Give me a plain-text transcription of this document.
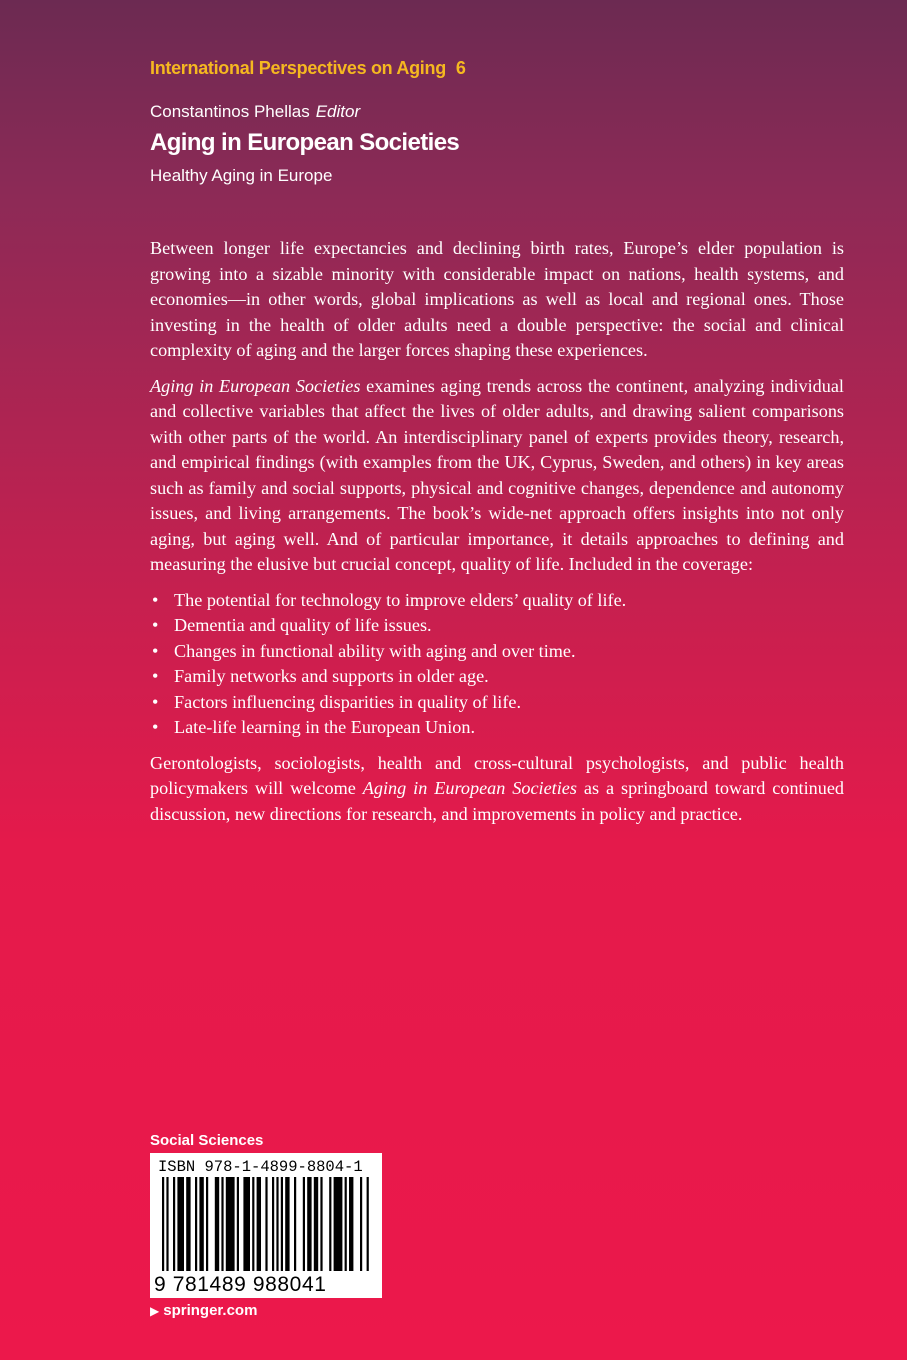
International Perspectives on Aging 6
Constantinos Phellas Editor
Aging in European Societies
Healthy Aging in Europe

Between longer life expectancies and declining birth rates, Europe’s elder population is growing into a sizable minority with considerable impact on nations, health systems, and economies—in other words, global implications as well as local and regional ones. Those investing in the health of older adults need a double perspective: the social and clinical complexity of aging and the larger forces shaping these experiences.

Aging in European Societies examines aging trends across the continent, analyzing individual and collective variables that affect the lives of older adults, and drawing salient comparisons with other parts of the world. An interdisciplinary panel of experts provides theory, research, and empirical findings (with examples from the UK, Cyprus, Sweden, and others) in key areas such as family and social supports, physical and cognitive changes, dependence and autonomy issues, and living arrangements. The book’s wide-net approach offers insights into not only aging, but aging well. And of particular importance, it details approaches to defining and measuring the elusive but crucial concept, quality of life. Included in the coverage:

• The potential for technology to improve elders’ quality of life.
• Dementia and quality of life issues.
• Changes in functional ability with aging and over time.
• Family networks and supports in older age.
• Factors influencing disparities in quality of life.
• Late-life learning in the European Union.

Gerontologists, sociologists, health and cross-cultural psychologists, and public health policymakers will welcome Aging in European Societies as a springboard toward continued discussion, new directions for research, and improvements in policy and practice.

Social Sciences
ISBN 978-1-4899-8804-1
9 781489 988041
▶ springer.com
